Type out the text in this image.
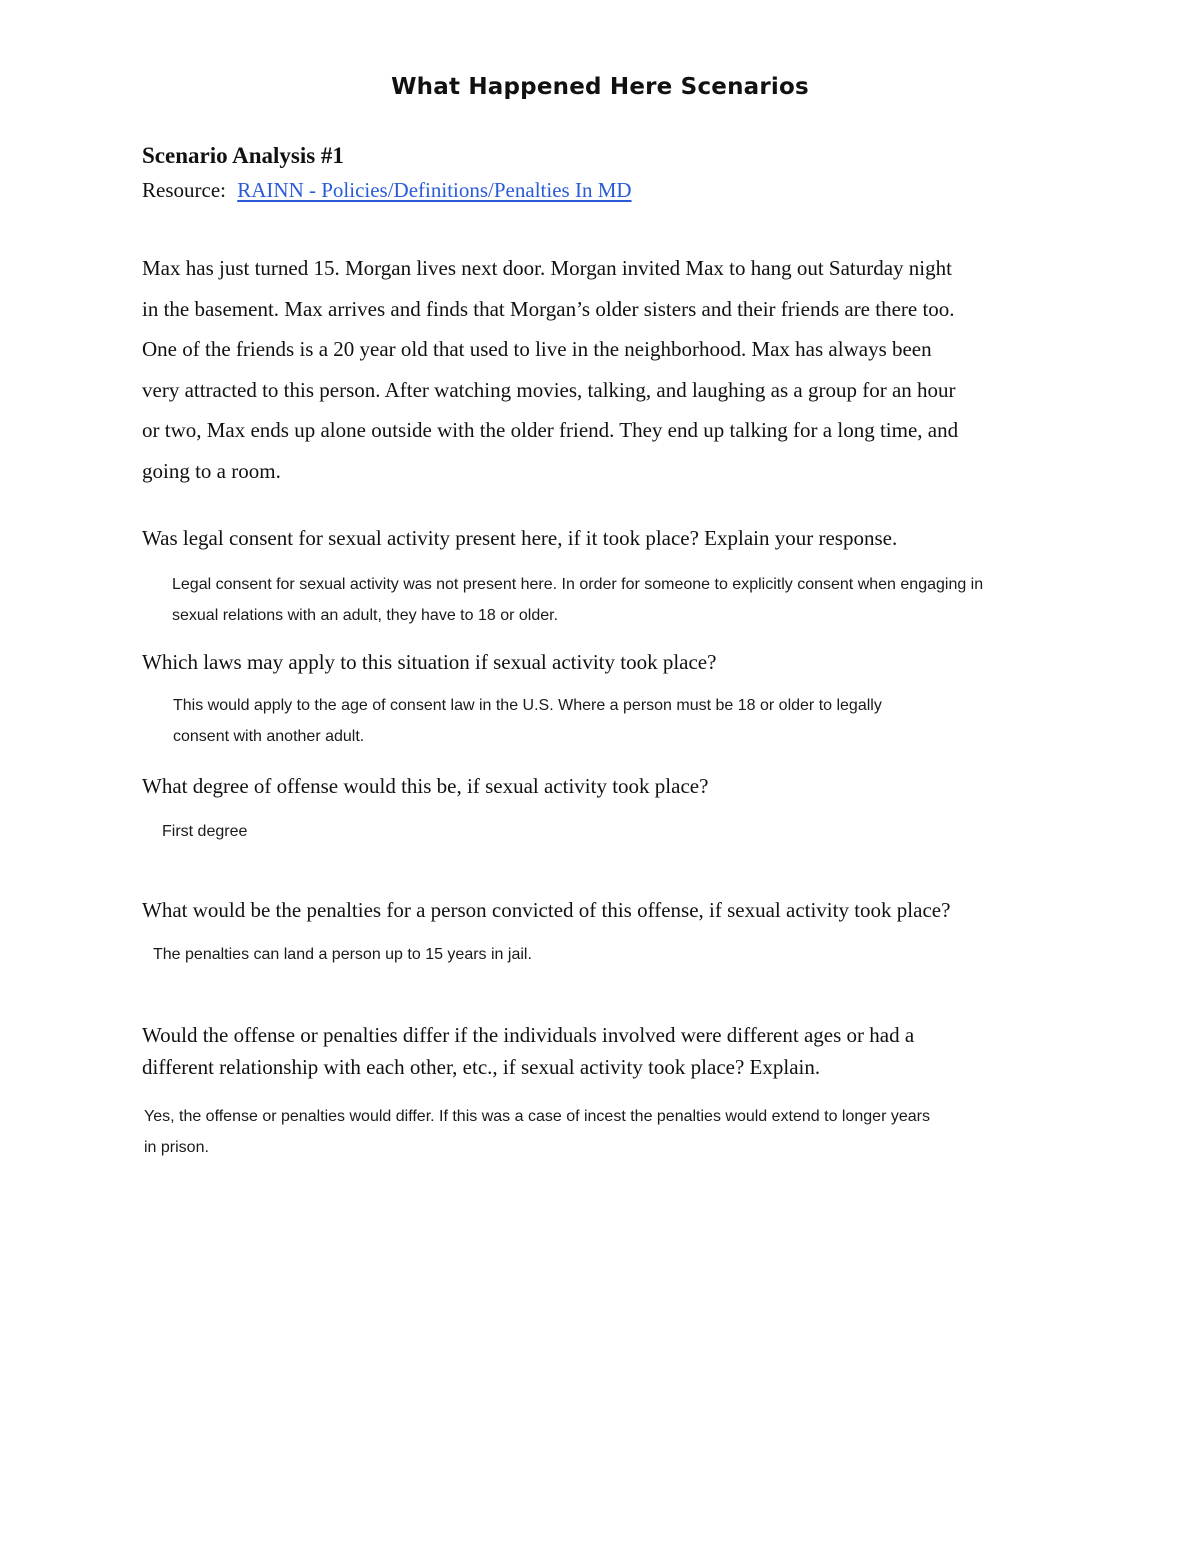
What Happened Here Scenarios
Scenario Analysis #1
Resource: RAINN - Policies/Definitions/Penalties In MD
Max has just turned 15. Morgan lives next door. Morgan invited Max to hang out Saturday night
in the basement. Max arrives and finds that Morgan’s older sisters and their friends are there too.
One of the friends is a 20 year old that used to live in the neighborhood. Max has always been
very attracted to this person. After watching movies, talking, and laughing as a group for an hour
or two, Max ends up alone outside with the older friend. They end up talking for a long time, and
going to a room.
Was legal consent for sexual activity present here, if it took place? Explain your response.
Legal consent for sexual activity was not present here. In order for someone to explicitly consent when engaging in
sexual relations with an adult, they have to 18 or older.
Which laws may apply to this situation if sexual activity took place?
This would apply to the age of consent law in the U.S. Where a person must be 18 or older to legally
consent with another adult.
What degree of offense would this be, if sexual activity took place?
First degree
What would be the penalties for a person convicted of this offense, if sexual activity took place?
The penalties can land a person up to 15 years in jail.
Would the offense or penalties differ if the individuals involved were different ages or had a
different relationship with each other, etc., if sexual activity took place? Explain.
Yes, the offense or penalties would differ. If this was a case of incest the penalties would extend to longer years
in prison.
